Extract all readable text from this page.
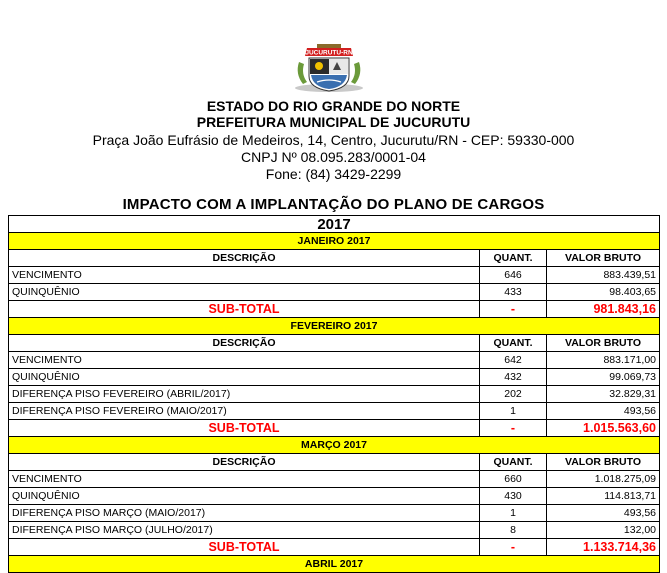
JUCURUTU-RN
ESTADO DO RIO GRANDE DO NORTE
PREFEITURA MUNICIPAL DE JUCURUTU
Praça João Eufrásio de Medeiros, 14, Centro, Jucurutu/RN - CEP: 59330-000
CNPJ Nº 08.095.283/0001-04
Fone: (84) 3429-2299
IMPACTO COM A IMPLANTAÇÃO DO PLANO DE CARGOS
2017		
JANEIRO 2017		
DESCRIÇÃO	QUANT.	VALOR BRUTO
VENCIMENTO	646	883.439,51
QUINQUÊNIO	433	98.403,65
SUB-TOTAL	-	981.843,16
FEVEREIRO 2017		
DESCRIÇÃO	QUANT.	VALOR BRUTO
VENCIMENTO	642	883.171,00
QUINQUÊNIO	432	99.069,73
DIFERENÇA PISO FEVEREIRO (ABRIL/2017)	202	32.829,31
DIFERENÇA PISO FEVEREIRO (MAIO/2017)	1	493,56
SUB-TOTAL	-	1.015.563,60
MARÇO 2017		
DESCRIÇÃO	QUANT.	VALOR BRUTO
VENCIMENTO	660	1.018.275,09
QUINQUÊNIO	430	114.813,71
DIFERENÇA PISO MARÇO (MAIO/2017)	1	493,56
DIFERENÇA PISO MARÇO (JULHO/2017)	8	132,00
SUB-TOTAL	-	1.133.714,36
ABRIL 2017		
